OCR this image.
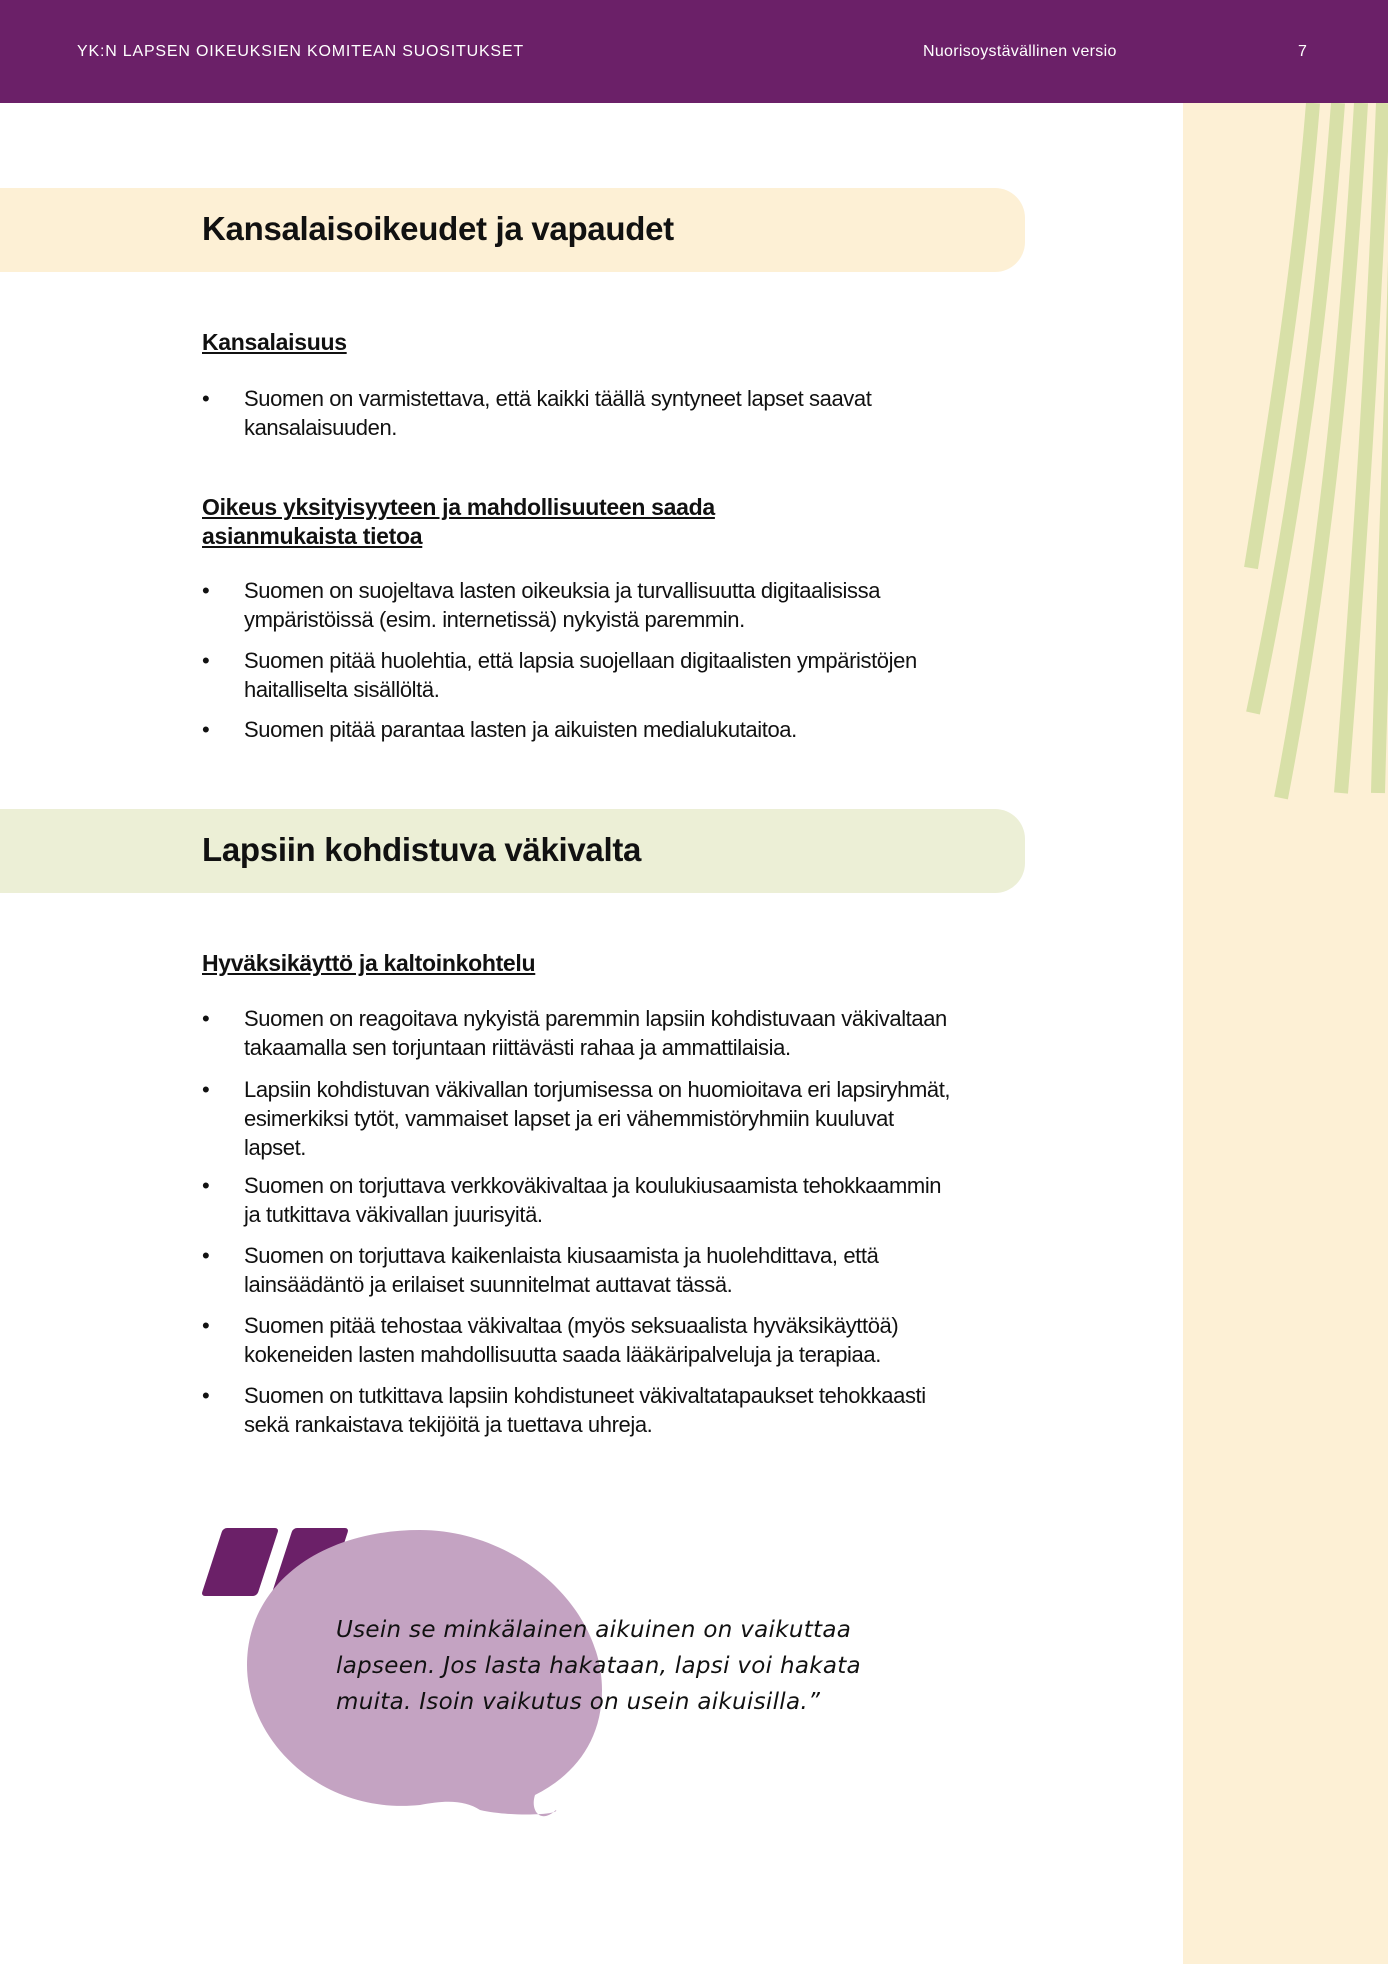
YK:N LAPSEN OIKEUKSIEN KOMITEAN SUOSITUKSET	Nuorisoystävällinen versio	7
Kansalaisoikeudet ja vapaudet
Lapsiin kohdistuva väkivalta
Kansalaisuus
• Suomen on varmistettava, että kaikki täällä syntyneet lapset saavat
kansalaisuuden.
Oikeus yksityisyyteen ja mahdollisuuteen saada
asianmukaista tietoa
• Suomen on suojeltava lasten oikeuksia ja turvallisuutta digitaalisissa
ympäristöissä (esim. internetissä) nykyistä paremmin.
• Suomen pitää huolehtia, että lapsia suojellaan digitaalisten ympäristöjen
haitalliselta sisällöltä.
• Suomen pitää parantaa lasten ja aikuisten medialukutaitoa.
Hyväksikäyttö ja kaltoinkohtelu
• Suomen on reagoitava nykyistä paremmin lapsiin kohdistuvaan väkivaltaan
takaamalla sen torjuntaan riittävästi rahaa ja ammattilaisia.
• Lapsiin kohdistuvan väkivallan torjumisessa on huomioitava eri lapsiryhmät,
esimerkiksi tytöt, vammaiset lapset ja eri vähemmistöryhmiin kuuluvat
lapset.
• Suomen on torjuttava verkkoväkivaltaa ja koulukiusaamista tehokkaammin
ja tutkittava väkivallan juurisyitä.
• Suomen on torjuttava kaikenlaista kiusaamista ja huolehdittava, että
lainsäädäntö ja erilaiset suunnitelmat auttavat tässä.
• Suomen pitää tehostaa väkivaltaa (myös seksuaalista hyväksikäyttöä)
kokeneiden lasten mahdollisuutta saada lääkäripalveluja ja terapiaa.
• Suomen on tutkittava lapsiin kohdistuneet väkivaltatapaukset tehokkaasti
sekä rankaistava tekijöitä ja tuettava uhreja.
Usein se minkälainen aikuinen on vaikuttaa
lapseen. Jos lasta hakataan, lapsi voi hakata
muita. Isoin vaikutus on usein aikuisilla.”
